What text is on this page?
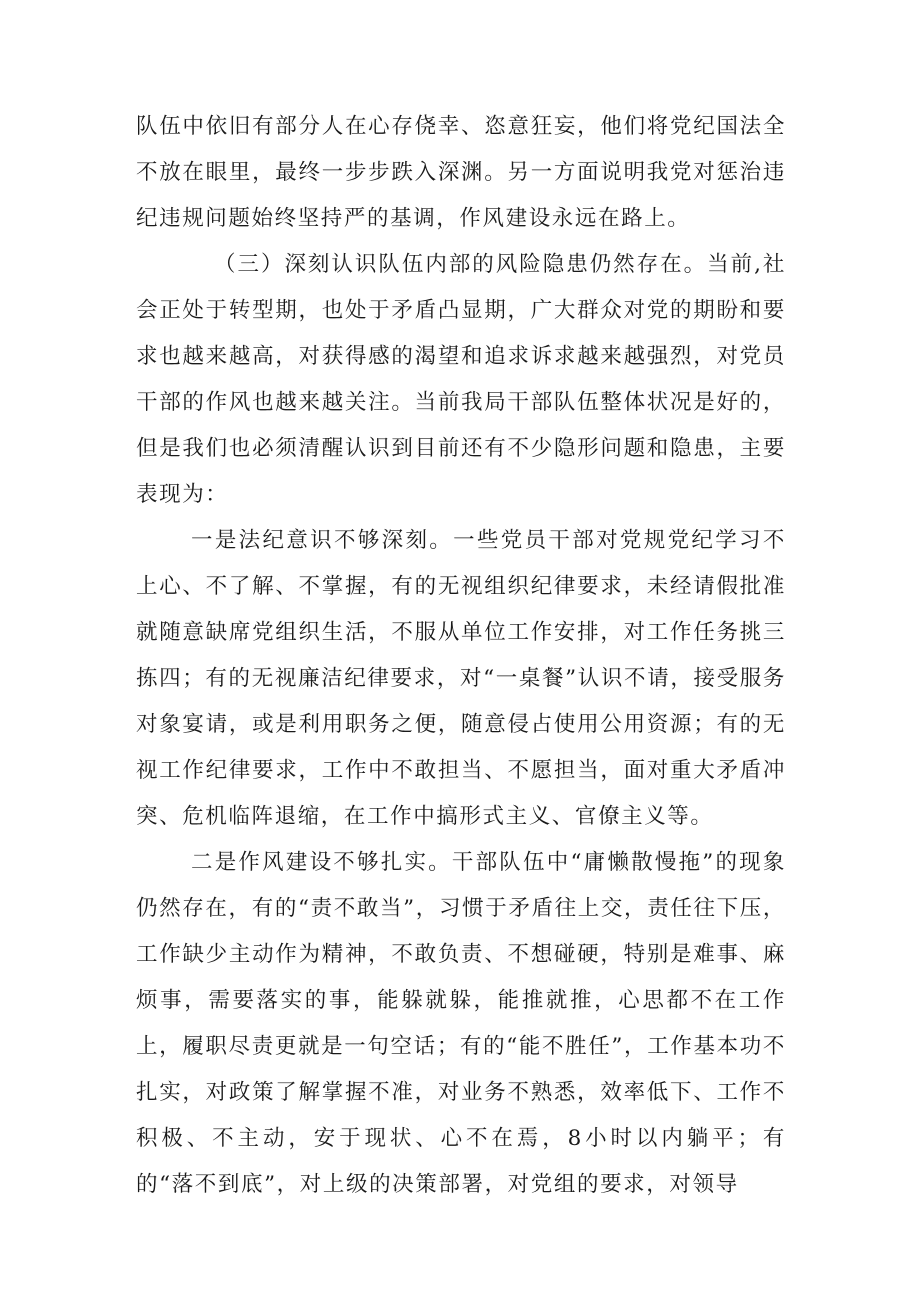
队伍中依旧有部分人在心存侥幸、恣意狂妄，他们将党纪国法全不放在眼里，最终一步步跌入深渊。另一方面说明我党对惩治违纪违规问题始终坚持严的基调，作风建设永远在路上。

（三）深刻认识队伍内部的风险隐患仍然存在。当前,社会正处于转型期，也处于矛盾凸显期，广大群众对党的期盼和要求也越来越高，对获得感的渴望和追求诉求越来越强烈，对党员干部的作风也越来越关注。当前我局干部队伍整体状况是好的，但是我们也必须清醒认识到目前还有不少隐形问题和隐患，主要表现为：

一是法纪意识不够深刻。一些党员干部对党规党纪学习不上心、不了解、不掌握，有的无视组织纪律要求，未经请假批准就随意缺席党组织生活，不服从单位工作安排，对工作任务挑三拣四；有的无视廉洁纪律要求，对“一桌餐”认识不请，接受服务对象宴请，或是利用职务之便，随意侵占使用公用资源；有的无视工作纪律要求，工作中不敢担当、不愿担当，面对重大矛盾冲突、危机临阵退缩，在工作中搞形式主义、官僚主义等。

二是作风建设不够扎实。干部队伍中“庸懒散慢拖”的现象仍然存在，有的“责不敢当”，习惯于矛盾往上交，责任往下压，工作缺少主动作为精神，不敢负责、不想碰硬，特别是难事、麻烦事，需要落实的事，能躲就躲，能推就推，心思都不在工作上，履职尽责更就是一句空话；有的“能不胜任”，工作基本功不扎实，对政策了解掌握不准，对业务不熟悉，效率低下、工作不积极、不主动，安于现状、心不在焉，8小时以内躺平；有的“落不到底”，对上级的决策部署，对党组的要求，对领导
